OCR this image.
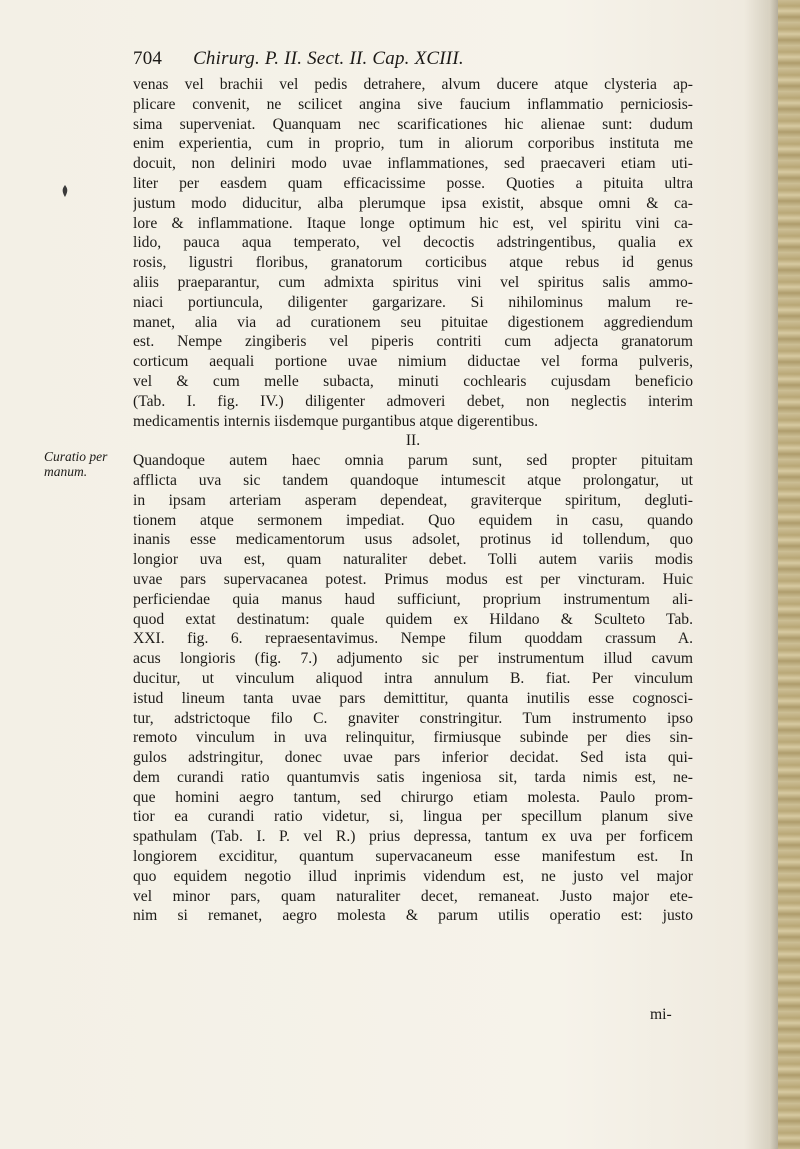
704 Chirurg. P. II. Sect. II. Cap. XCIII.
Curatio per
manum.
venas vel brachii vel pedis detrahere, alvum ducere atque clysteria ap-
plicare convenit, ne scilicet angina sive faucium inflammatio perniciosis-
sima superveniat. Quanquam nec scarificationes hic alienae sunt: dudum
enim experientia, cum in proprio, tum in aliorum corporibus instituta me
docuit, non deliniri modo uvae inflammationes, sed praecaveri etiam uti-
liter per easdem quam efficacissime posse. Quoties a pituita ultra
justum modo diducitur, alba plerumque ipsa existit, absque omni & ca-
lore & inflammatione. Itaque longe optimum hic est, vel spiritu vini ca-
lido, pauca aqua temperato, vel decoctis adstringentibus, qualia ex
rosis, ligustri floribus, granatorum corticibus atque rebus id genus
aliis praeparantur, cum admixta spiritus vini vel spiritus salis ammo-
niaci portiuncula, diligenter gargarizare. Si nihilominus malum re-
manet, alia via ad curationem seu pituitae digestionem aggrediendum
est. Nempe zingiberis vel piperis contriti cum adjecta granatorum
corticum aequali portione uvae nimium diductae vel forma pulveris,
vel & cum melle subacta, minuti cochlearis cujusdam beneficio
(Tab. I. fig. IV.) diligenter admoveri debet, non neglectis interim
medicamentis internis iisdemque purgantibus atque digerentibus.
II.
Quandoque autem haec omnia parum sunt, sed propter pituitam
afflicta uva sic tandem quandoque intumescit atque prolongatur, ut
in ipsam arteriam asperam dependeat, graviterque spiritum, degluti-
tionem atque sermonem impediat. Quo equidem in casu, quando
inanis esse medicamentorum usus adsolet, protinus id tollendum, quo
longior uva est, quam naturaliter debet. Tolli autem variis modis
uvae pars supervacanea potest. Primus modus est per vincturam. Huic
perficiendae quia manus haud sufficiunt, proprium instrumentum ali-
quod extat destinatum: quale quidem ex Hildano & Sculteto Tab.
XXI. fig. 6. repraesentavimus. Nempe filum quoddam crassum A.
acus longioris (fig. 7.) adjumento sic per instrumentum illud cavum
ducitur, ut vinculum aliquod intra annulum B. fiat. Per vinculum
istud lineum tanta uvae pars demittitur, quanta inutilis esse cognosci-
tur, adstrictoque filo C. gnaviter constringitur. Tum instrumento ipso
remoto vinculum in uva relinquitur, firmiusque subinde per dies sin-
gulos adstringitur, donec uvae pars inferior decidat. Sed ista qui-
dem curandi ratio quantumvis satis ingeniosa sit, tarda nimis est, ne-
que homini aegro tantum, sed chirurgo etiam molesta. Paulo prom-
tior ea curandi ratio videtur, si, lingua per specillum planum sive
spathulam (Tab. I. P. vel R.) prius depressa, tantum ex uva per forficem
longiorem exciditur, quantum supervacaneum esse manifestum est. In
quo equidem negotio illud inprimis videndum est, ne justo vel major
vel minor pars, quam naturaliter decet, remaneat. Justo major ete-
nim si remanet, aegro molesta & parum utilis operatio est: justo
mi-
